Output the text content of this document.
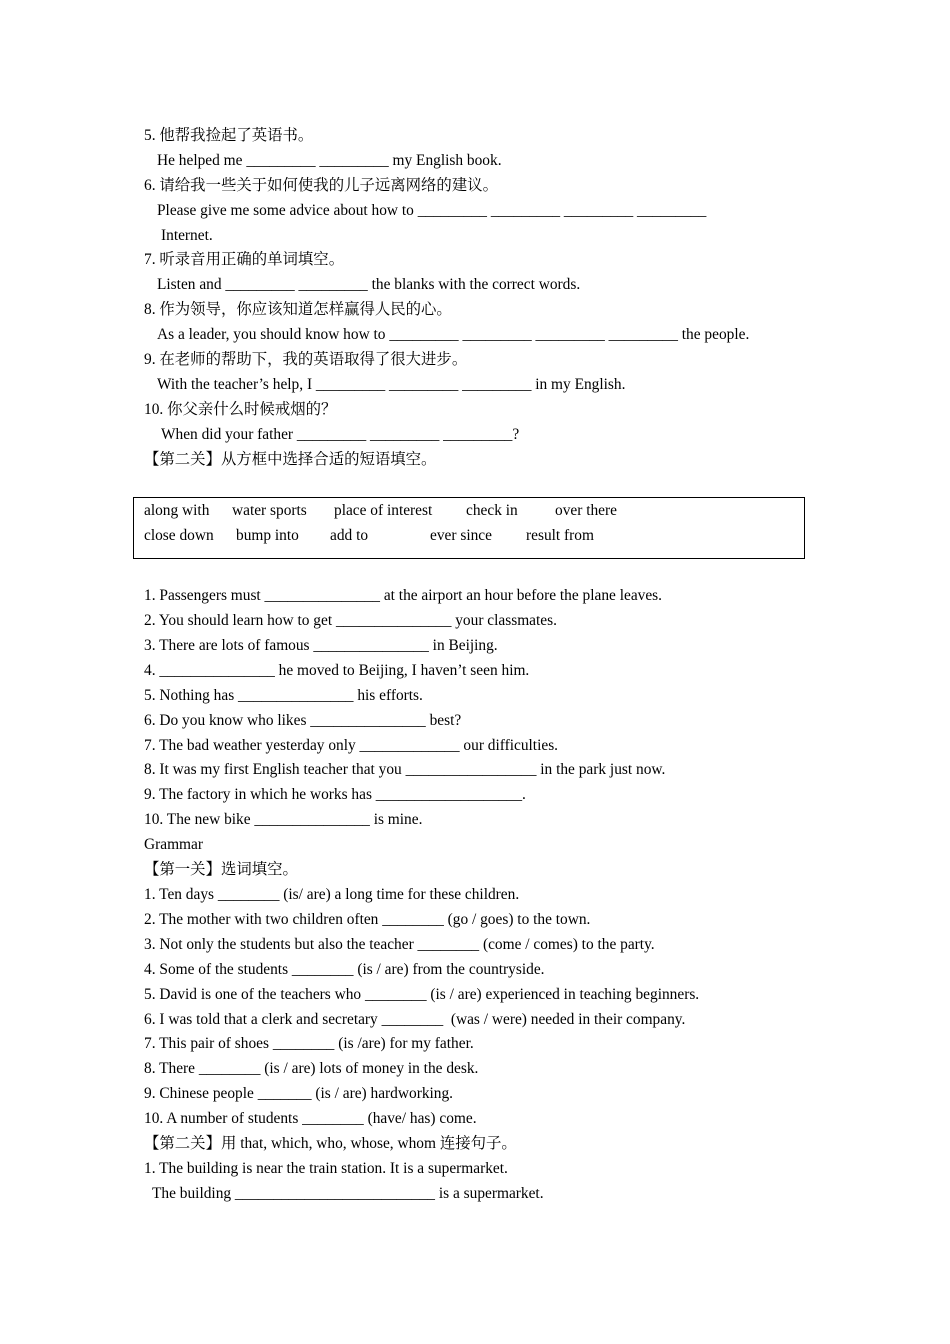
5. 他帮我捡起了英语书。
He helped me _________ _________ my English book.
6. 请给我一些关于如何使我的儿子远离网络的建议。
Please give me some advice about how to _________ _________ _________ _________
Internet.
7. 听录音用正确的单词填空。
Listen and _________ _________ the blanks with the correct words.
8. 作为领导，你应该知道怎样赢得人民的心。
As a leader, you should know how to _________ _________ _________ _________ the people.
9. 在老师的帮助下，我的英语取得了很大进步。
With the teacher’s help, I _________ _________ _________ in my English.
10. 你父亲什么时候戒烟的？
When did your father _________ _________ _________?
【第二关】从方框中选择合适的短语填空。
along with water sports place of interest check in over there
close down bump into add to	ever since result from
1. Passengers must _______________ at the airport an hour before the plane leaves.
2. You should learn how to get _______________ your classmates.
3. There are lots of famous _______________ in Beijing.
4. _______________ he moved to Beijing, I haven’t seen him.
5. Nothing has _______________ his efforts.
6. Do you know who likes _______________ best?
7. The bad weather yesterday only _____________ our difficulties.
8. It was my first English teacher that you _________________ in the park just now.
9. The factory in which he works has ___________________.
10. The new bike _______________ is mine.
Grammar
【第一关】选词填空。
1. Ten days ________ (is/ are) a long time for these children.
2. The mother with two children often ________ (go / goes) to the town.
3. Not only the students but also the teacher ________ (come / comes) to the party.
4. Some of the students ________ (is / are) from the countryside.
5. David is one of the teachers who ________ (is / are) experienced in teaching beginners.
6. I was told that a clerk and secretary ________  (was / were) needed in their company.
7. This pair of shoes ________ (is /are) for my father.
8. There ________ (is / are) lots of money in the desk.
9. Chinese people _______ (is / are) hardworking.
10. A number of students ________ (have/ has) come.
【第二关】用 that, which, who, whose, whom 连接句子。
1. The building is near the train station. It is a supermarket.
The building __________________________ is a supermarket.
